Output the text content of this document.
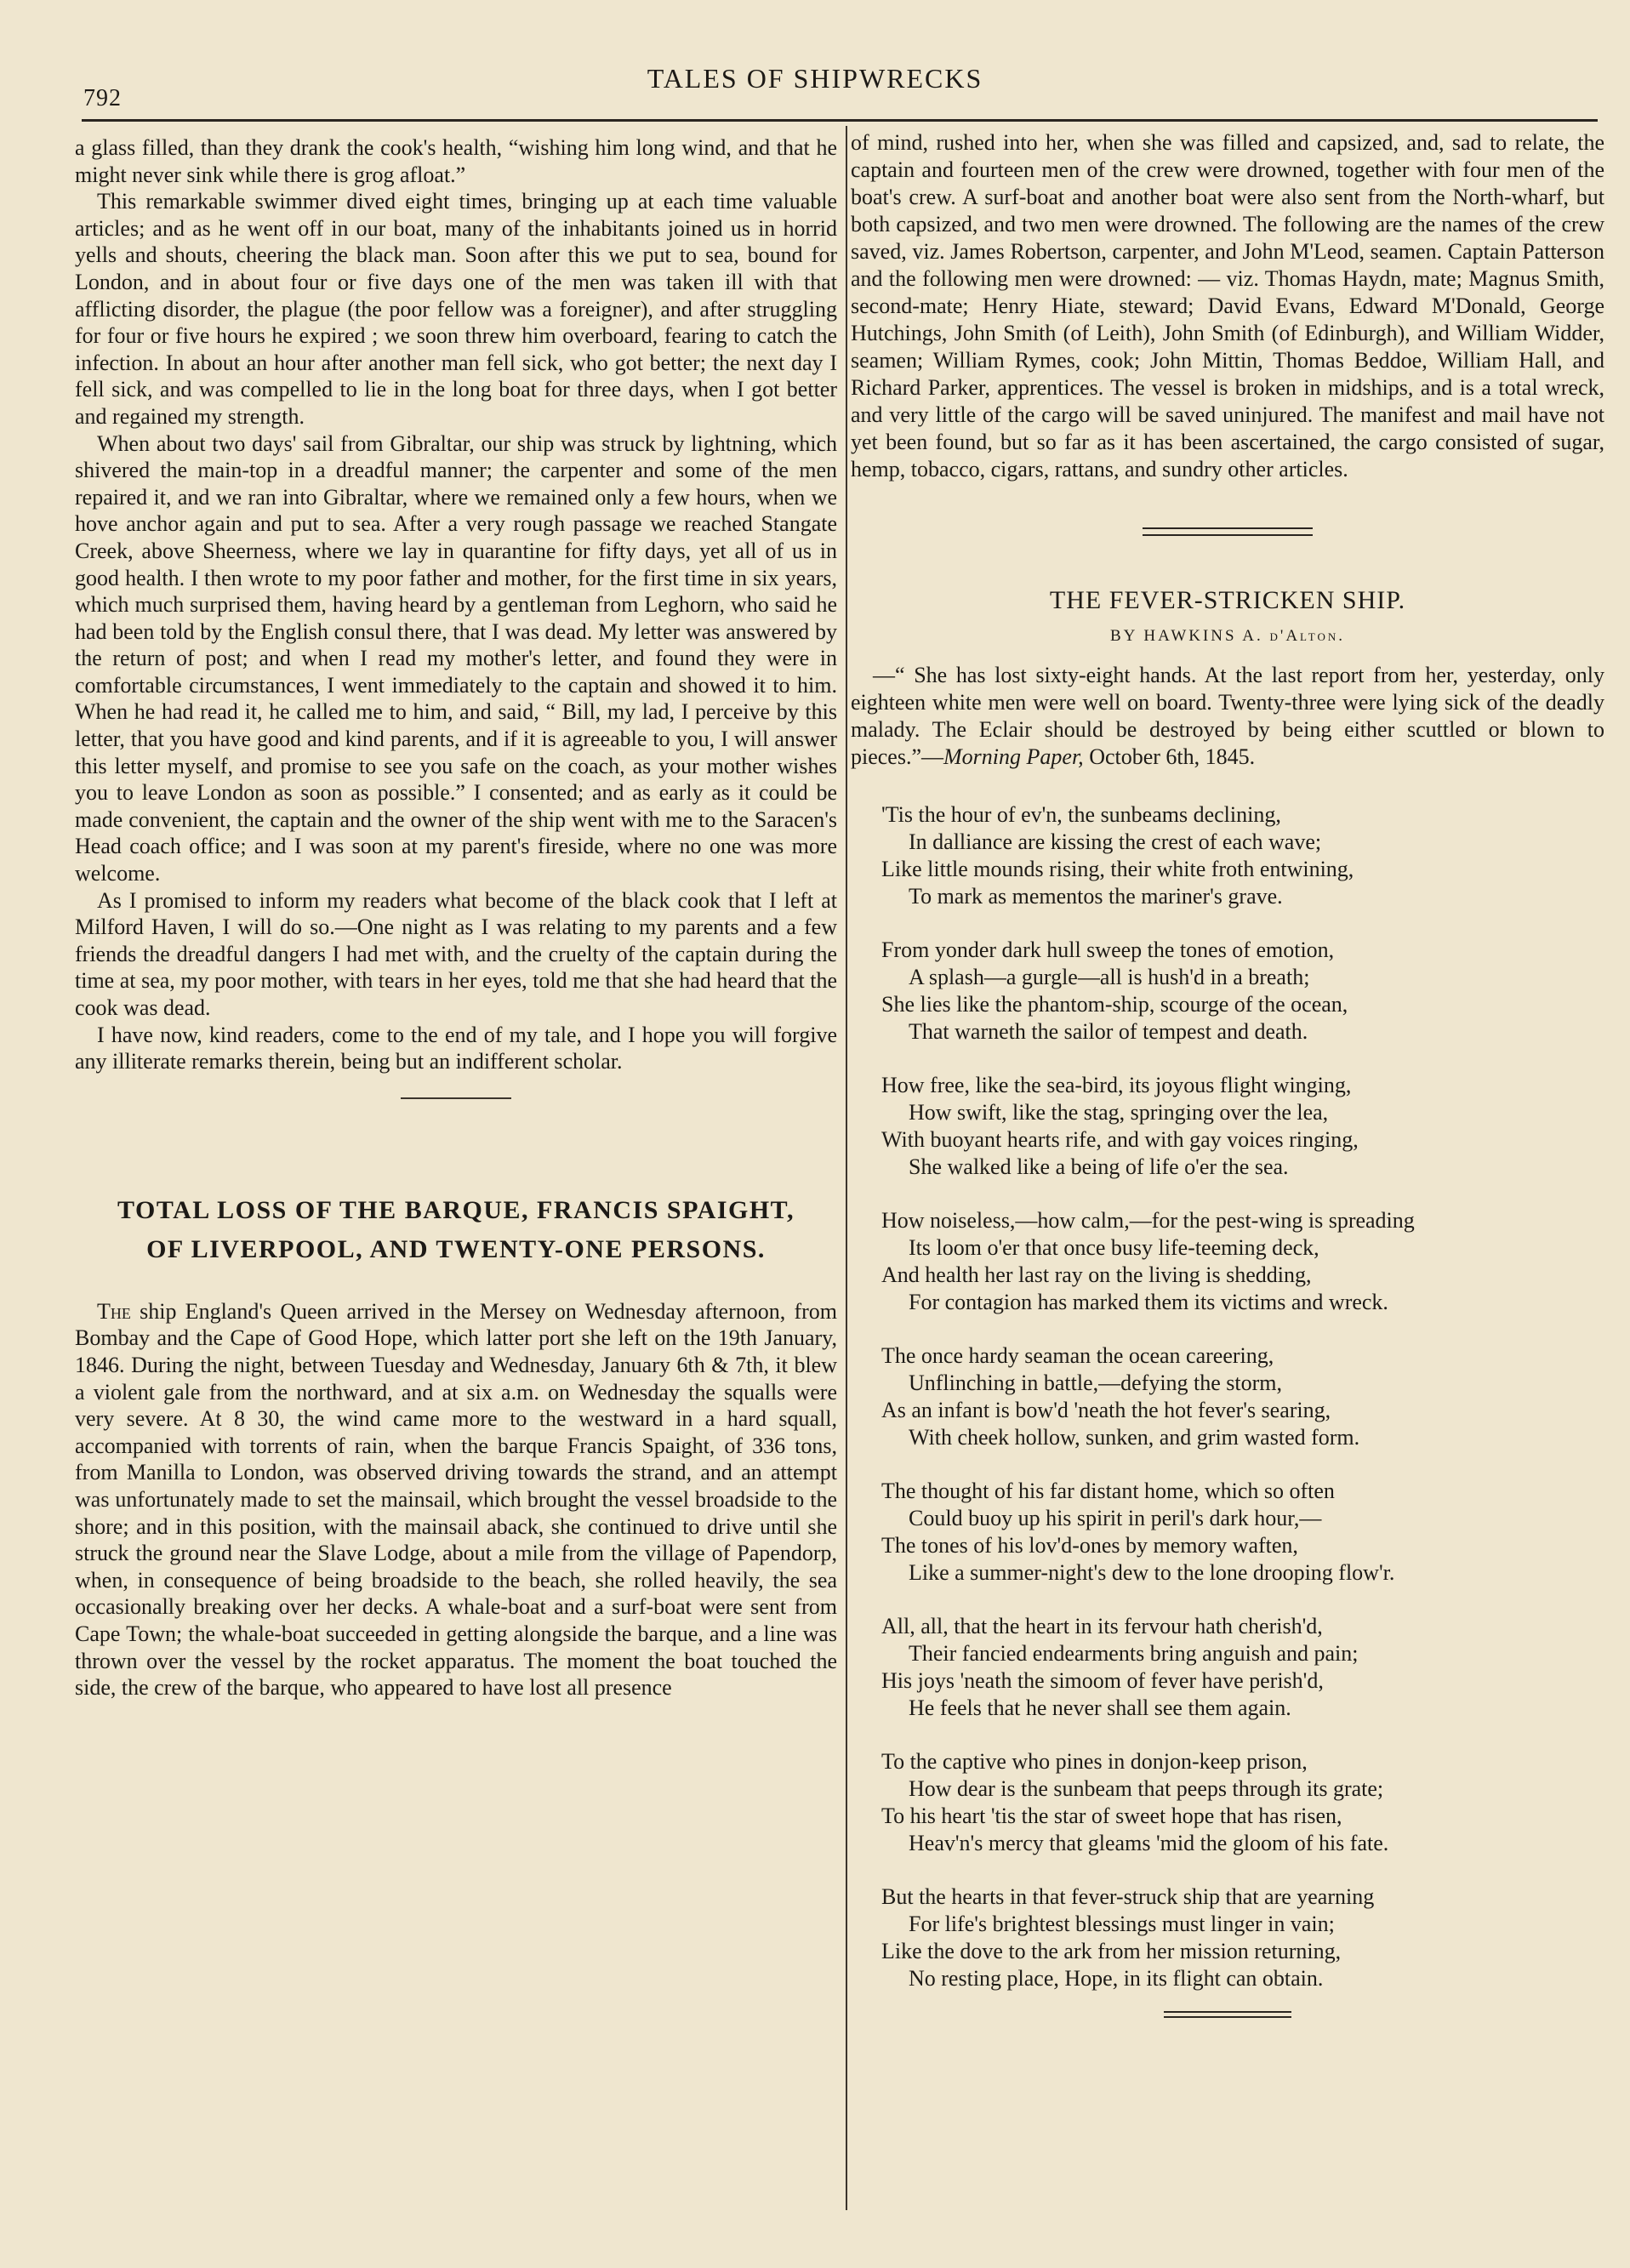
792
TALES OF SHIPWRECKS

a glass filled, than they drank the cook's health, “wishing him long wind, and that he might never sink while there is grog afloat.”

This remarkable swimmer dived eight times, bringing up at each time valuable articles; and as he went off in our boat, many of the inhabitants joined us in horrid yells and shouts, cheering the black man. Soon after this we put to sea, bound for London, and in about four or five days one of the men was taken ill with that afflicting disorder, the plague (the poor fellow was a foreigner), and after struggling for four or five hours he expired ; we soon threw him overboard, fearing to catch the infection. In about an hour after another man fell sick, who got better; the next day I fell sick, and was compelled to lie in the long boat for three days, when I got better and regained my strength.

When about two days' sail from Gibraltar, our ship was struck by lightning, which shivered the main-top in a dreadful manner; the carpenter and some of the men repaired it, and we ran into Gibraltar, where we remained only a few hours, when we hove anchor again and put to sea. After a very rough passage we reached Stangate Creek, above Sheerness, where we lay in quarantine for fifty days, yet all of us in good health. I then wrote to my poor father and mother, for the first time in six years, which much surprised them, having heard by a gentleman from Leghorn, who said he had been told by the English consul there, that I was dead. My letter was answered by the return of post; and when I read my mother's letter, and found they were in comfortable circumstances, I went immediately to the captain and showed it to him. When he had read it, he called me to him, and said, “ Bill, my lad, I perceive by this letter, that you have good and kind parents, and if it is agreeable to you, I will answer this letter myself, and promise to see you safe on the coach, as your mother wishes you to leave London as soon as possible.” I consented; and as early as it could be made convenient, the captain and the owner of the ship went with me to the Saracen's Head coach office; and I was soon at my parent's fireside, where no one was more welcome.

As I promised to inform my readers what become of the black cook that I left at Milford Haven, I will do so.—One night as I was relating to my parents and a few friends the dreadful dangers I had met with, and the cruelty of the captain during the time at sea, my poor mother, with tears in her eyes, told me that she had heard that the cook was dead.

I have now, kind readers, come to the end of my tale, and I hope you will forgive any illiterate remarks therein, being but an indifferent scholar.

TOTAL LOSS OF THE BARQUE, FRANCIS SPAIGHT,
OF LIVERPOOL, AND TWENTY-ONE PERSONS.

The ship England's Queen arrived in the Mersey on Wednesday afternoon, from Bombay and the Cape of Good Hope, which latter port she left on the 19th January, 1846. During the night, between Tuesday and Wednesday, January 6th & 7th, it blew a violent gale from the northward, and at six a.m. on Wednesday the squalls were very severe. At 8 30, the wind came more to the westward in a hard squall, accompanied with torrents of rain, when the barque Francis Spaight, of 336 tons, from Manilla to London, was observed driving towards the strand, and an attempt was unfortunately made to set the mainsail, which brought the vessel broadside to the shore; and in this position, with the mainsail aback, she continued to drive until she struck the ground near the Slave Lodge, about a mile from the village of Papendorp, when, in consequence of being broadside to the beach, she rolled heavily, the sea occasionally breaking over her decks. A whale-boat and a surf-boat were sent from Cape Town; the whale-boat succeeded in getting alongside the barque, and a line was thrown over the vessel by the rocket apparatus. The moment the boat touched the side, the crew of the barque, who appeared to have lost all presence

of mind, rushed into her, when she was filled and capsized, and, sad to relate, the captain and fourteen men of the crew were drowned, together with four men of the boat's crew. A surf-boat and another boat were also sent from the North-wharf, but both capsized, and two men were drowned. The following are the names of the crew saved, viz. James Robertson, carpenter, and John M'Leod, seamen. Captain Patterson and the following men were drowned: — viz. Thomas Haydn, mate; Magnus Smith, second-mate; Henry Hiate, steward; David Evans, Edward M'Donald, George Hutchings, John Smith (of Leith), John Smith (of Edinburgh), and William Widder, seamen; William Rymes, cook; John Mittin, Thomas Beddoe, William Hall, and Richard Parker, apprentices. The vessel is broken in midships, and is a total wreck, and very little of the cargo will be saved uninjured. The manifest and mail have not yet been found, but so far as it has been ascertained, the cargo consisted of sugar, hemp, tobacco, cigars, rattans, and sundry other articles.

THE FEVER-STRICKEN SHIP.
BY HAWKINS A. d'Alton.

—“ She has lost sixty-eight hands. At the last report from her, yesterday, only eighteen white men were well on board. Twenty-three were lying sick of the deadly malady. The Eclair should be destroyed by being either scuttled or blown to pieces.”—Morning Paper, October 6th, 1845.

'Tis the hour of ev'n, the sunbeams declining,
In dalliance are kissing the crest of each wave;
Like little mounds rising, their white froth entwining,
To mark as mementos the mariner's grave.
From yonder dark hull sweep the tones of emotion,
A splash—a gurgle—all is hush'd in a breath;
She lies like the phantom-ship, scourge of the ocean,
That warneth the sailor of tempest and death.
How free, like the sea-bird, its joyous flight winging,
How swift, like the stag, springing over the lea,
With buoyant hearts rife, and with gay voices ringing,
She walked like a being of life o'er the sea.
How noiseless,—how calm,—for the pest-wing is spreading
Its loom o'er that once busy life-teeming deck,
And health her last ray on the living is shedding,
For contagion has marked them its victims and wreck.
The once hardy seaman the ocean careering,
Unflinching in battle,—defying the storm,
As an infant is bow'd 'neath the hot fever's searing,
With cheek hollow, sunken, and grim wasted form.
The thought of his far distant home, which so often
Could buoy up his spirit in peril's dark hour,—
The tones of his lov'd-ones by memory waften,
Like a summer-night's dew to the lone drooping flow'r.
All, all, that the heart in its fervour hath cherish'd,
Their fancied endearments bring anguish and pain;
His joys 'neath the simoom of fever have perish'd,
He feels that he never shall see them again.
To the captive who pines in donjon-keep prison,
How dear is the sunbeam that peeps through its grate;
To his heart 'tis the star of sweet hope that has risen,
Heav'n's mercy that gleams 'mid the gloom of his fate.
But the hearts in that fever-struck ship that are yearning
For life's brightest blessings must linger in vain;
Like the dove to the ark from her mission returning,
No resting place, Hope, in its flight can obtain.
